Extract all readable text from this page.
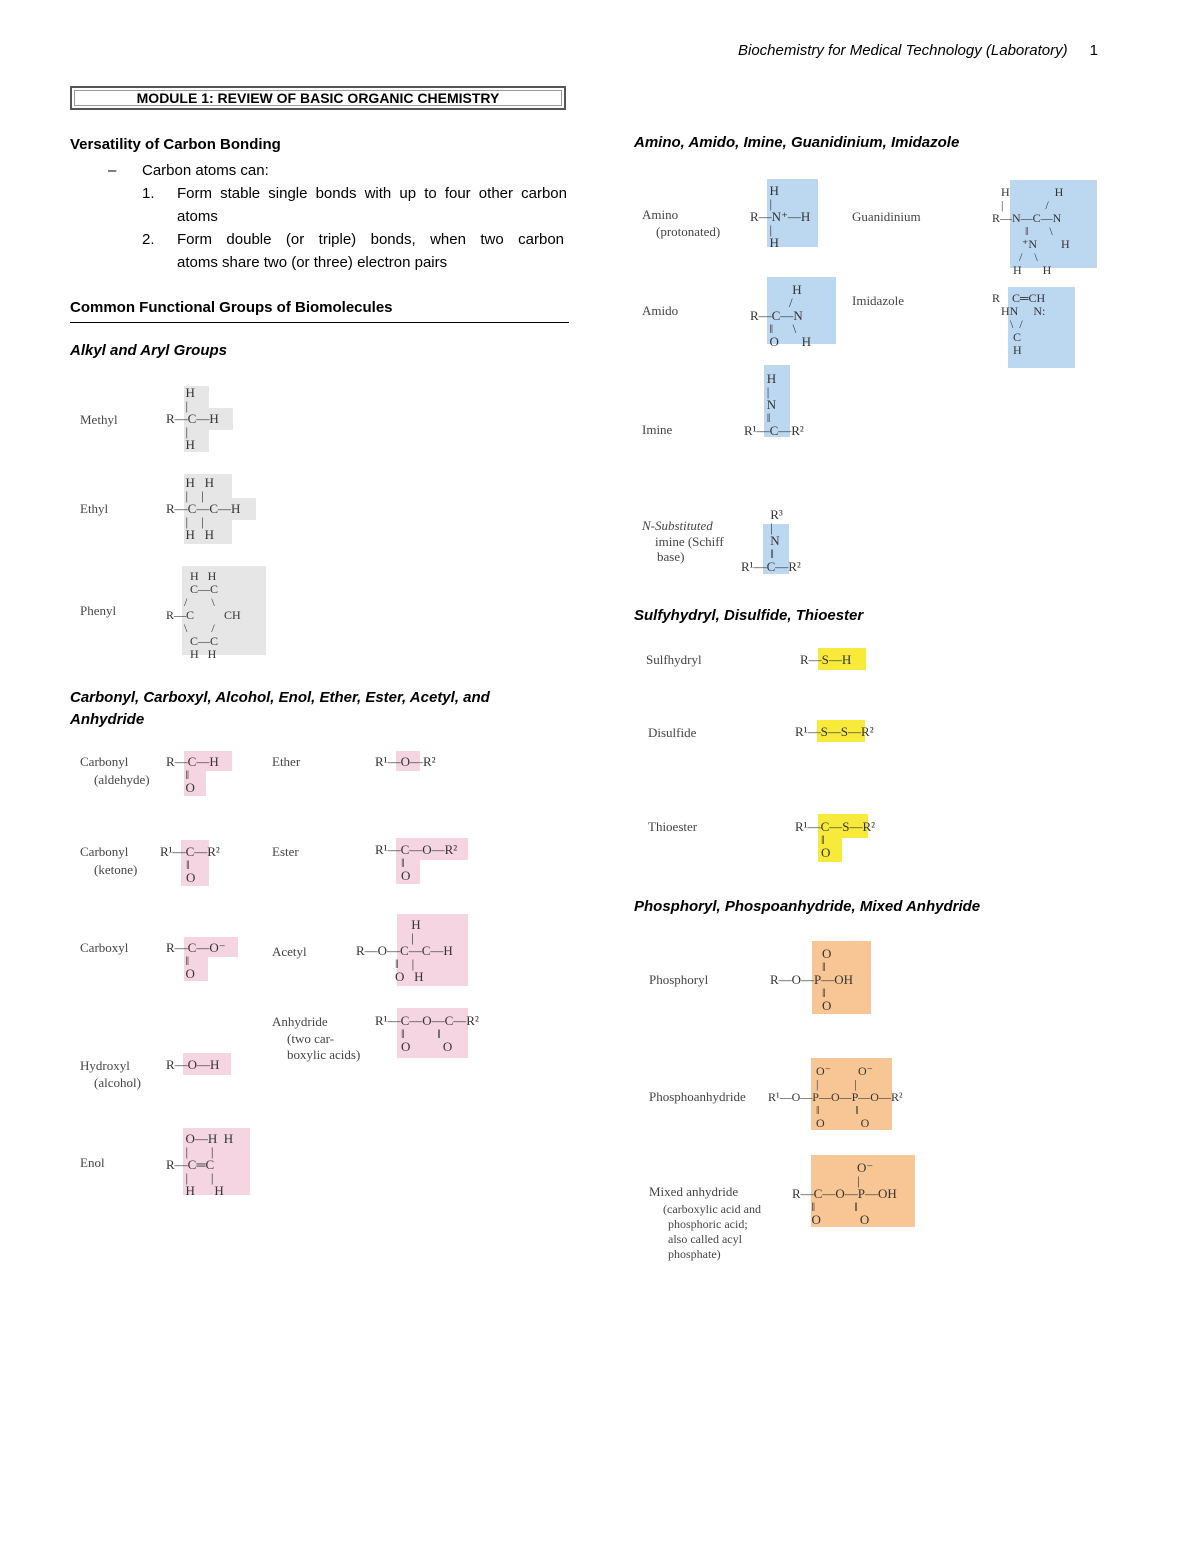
Biochemistry for Medical Technology (Laboratory) 1
MODULE 1: REVIEW OF BASIC ORGANIC CHEMISTRY
Versatility of Carbon Bonding
– Carbon atoms can:
1. Form stable single bonds with up to four other carbon
atoms
2. Form double (or triple) bonds, when two carbon
atoms share two (or three) electron pairs
Common Functional Groups of Biomolecules
Alkyl and Aryl Groups
Methyl
H
|
R—C—H
|
H
Ethyl
H   H
|    |
R—C—C—H
|    |
H   H
Phenyl
H   H
C—C
/        \
R—C          CH
\        /
C—C
H   H
Carbonyl, Carboxyl, Alcohol, Enol, Ether, Ester, Acetyl, and Anhydride
Carbonyl
(aldehyde)
R—C—H
‖
O
Ether	R¹—O—R²
Carbonyl
(ketone)
R¹—C—R²
‖
O
Ester	R¹—C—O—R²
‖
O
Carboxyl	R—C—O⁻
‖
O
Acetyl
H
|
R—O—C—C—H
‖    |
O   H
Anhydride
(two car-
boxylic acids)
R¹—C—O—C—R²
‖          ‖
O          O
Hydroxyl
(alcohol)
R—O—H
Enol
O—H  H
|       |
R—C═C
|       |
H      H
Amino, Amido, Imine, Guanidinium, Imidazole
Amino
(protonated)
H
|
R—N⁺—H
|
H
Guanidinium
H               H
|              /
R—N—C—N
‖       \
⁺N        H
/    \
H       H
Amido
H
/
R—C—N
‖      \
O       H
Imidazole	R    C═CH
HN     N:
\  /
C
H
Imine
H
|
N
‖
R¹—C—R²
N-Substituted
imine (Schiff
base)
R³
|
N
‖
R¹—C—R²
Sulfyhydryl, Disulfide, Thioester
Sulfhydryl	R—S—H
Disulfide	R¹—S—S—R²
Thioester	R¹—C—S—R²
‖
O
Phosphoryl, Phospoanhydride, Mixed Anhydride
Phosphoryl
O
‖
R—O—P—OH
‖
O
Phosphoanhydride
O⁻         O⁻
|            |
R¹—O—P—O—P—O—R²
‖            ‖
O            O
Mixed anhydride
(carboxylic acid and
phosphoric acid;
also called acyl
phosphate)
O⁻
|
R—C—O—P—OH
‖            ‖
O            O
